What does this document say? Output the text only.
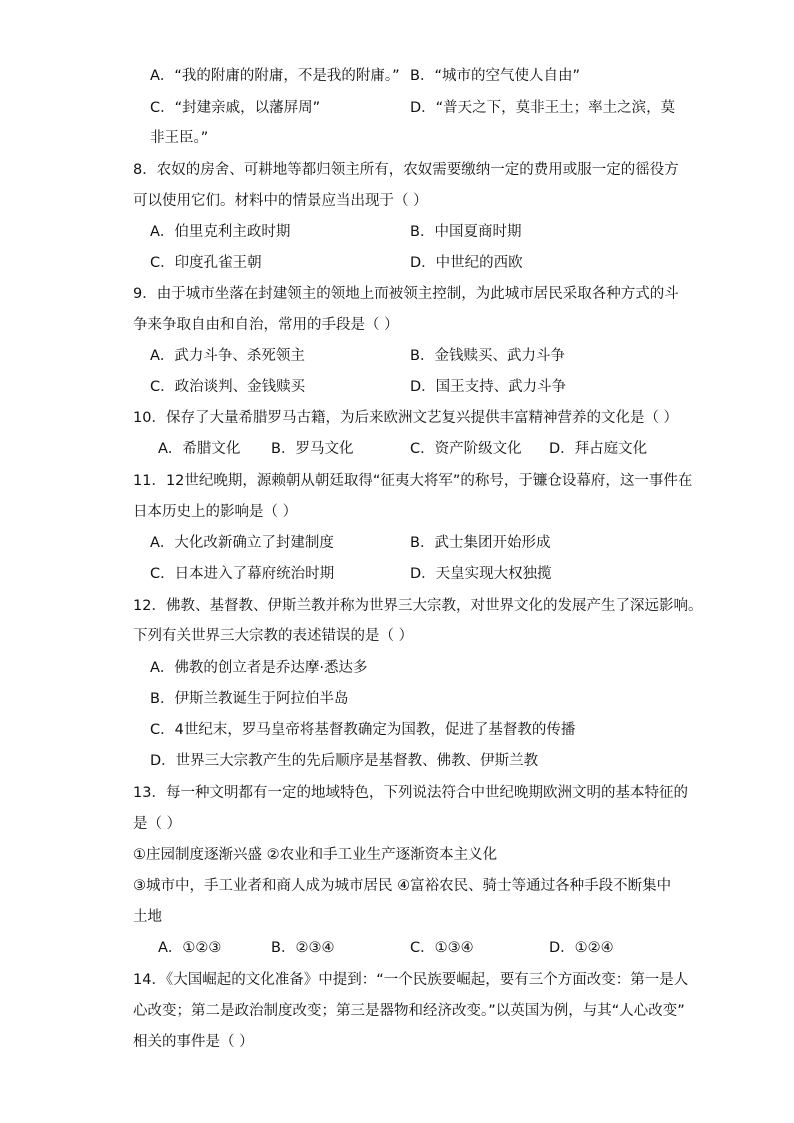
A．“我的附庸的附庸，不是我的附庸。” B．“城市的空气使人自由”
C．“封建亲戚，以藩屏周”	D．“普天之下，莫非王土；率土之滨，莫
非王臣。”
8．农奴的房舍、可耕地等都归领主所有，农奴需要缴纳一定的费用或服一定的徭役方
可以使用它们。材料中的情景应当出现于（ ）
A．伯里克利主政时期	B．中国夏商时期
C．印度孔雀王朝	D．中世纪的西欧
9．由于城市坐落在封建领主的领地上而被领主控制，为此城市居民采取各种方式的斗
争来争取自由和自治，常用的手段是（ ）
A．武力斗争、杀死领主	B．金钱赎买、武力斗争
C．政治谈判、金钱赎买	D．国王支持、武力斗争
10．保存了大量希腊罗马古籍，为后来欧洲文艺复兴提供丰富精神营养的文化是（ ）
A．希腊文化 B．罗马文化	C．资产阶级文化 D．拜占庭文化
11．12世纪晚期，源赖朝从朝廷取得“征夷大将军”的称号，于镰仓设幕府，这一事件在
日本历史上的影响是（ ）
A．大化改新确立了封建制度	B．武士集团开始形成
C．日本进入了幕府统治时期	D．天皇实现大权独揽
12．佛教、基督教、伊斯兰教并称为世界三大宗教，对世界文化的发展产生了深远影响。
下列有关世界三大宗教的表述错误的是（ ）
A．佛教的创立者是乔达摩·悉达多
B．伊斯兰教诞生于阿拉伯半岛
C．4世纪末，罗马皇帝将基督教确定为国教，促进了基督教的传播
D．世界三大宗教产生的先后顺序是基督教、佛教、伊斯兰教
13．每一种文明都有一定的地域特色，下列说法符合中世纪晚期欧洲文明的基本特征的
是（ ）
①庄园制度逐渐兴盛 ②农业和手工业生产逐渐资本主义化
③城市中，手工业者和商人成为城市居民 ④富裕农民、骑士等通过各种手段不断集中
土地
A．①②③	B．②③④	C．①③④	D．①②④
14．《大国崛起的文化准备》中提到：“一个民族要崛起，要有三个方面改变：第一是人
心改变；第二是政治制度改变；第三是器物和经济改变。”以英国为例，与其“人心改变”
相关的事件是（ ）
